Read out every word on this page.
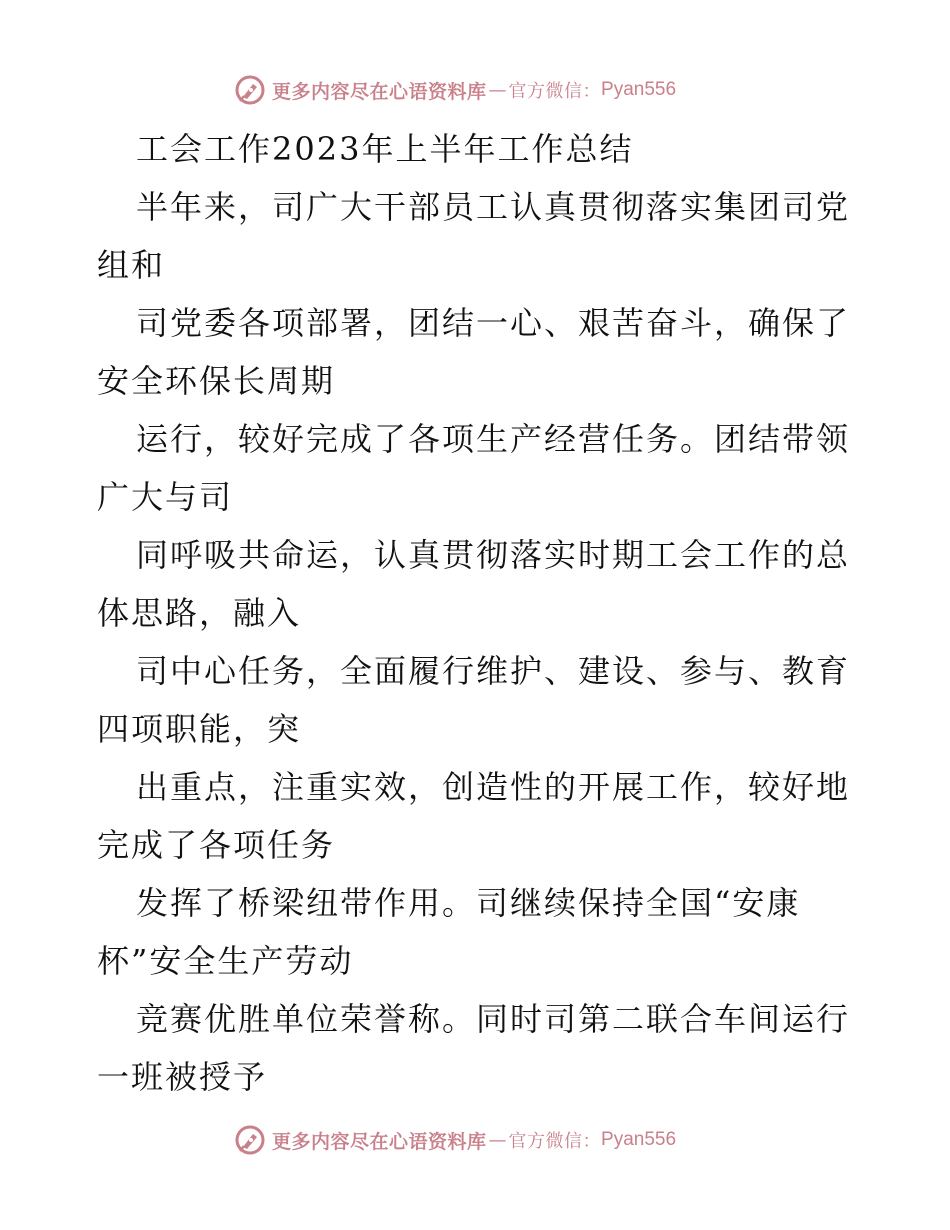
更多内容尽在心语资料库 — 官方微信： Pyan556
工会工作2023年上半年工作总结
半年来，司广大干部员工认真贯彻落实集团司党
组和
司党委各项部署，团结一心、艰苦奋斗，确保了
安全环保长周期
运行，较好完成了各项生产经营任务。团结带领
广大与司
同呼吸共命运，认真贯彻落实时期工会工作的总
体思路，融入
司中心任务，全面履行维护、建设、参与、教育
四项职能，突
出重点，注重实效，创造性的开展工作，较好地
完成了各项任务
发挥了桥梁纽带作用。司继续保持全国“安康
杯”安全生产劳动
竞赛优胜单位荣誉称。同时司第二联合车间运行
一班被授予
更多内容尽在心语资料库 — 官方微信： Pyan556
